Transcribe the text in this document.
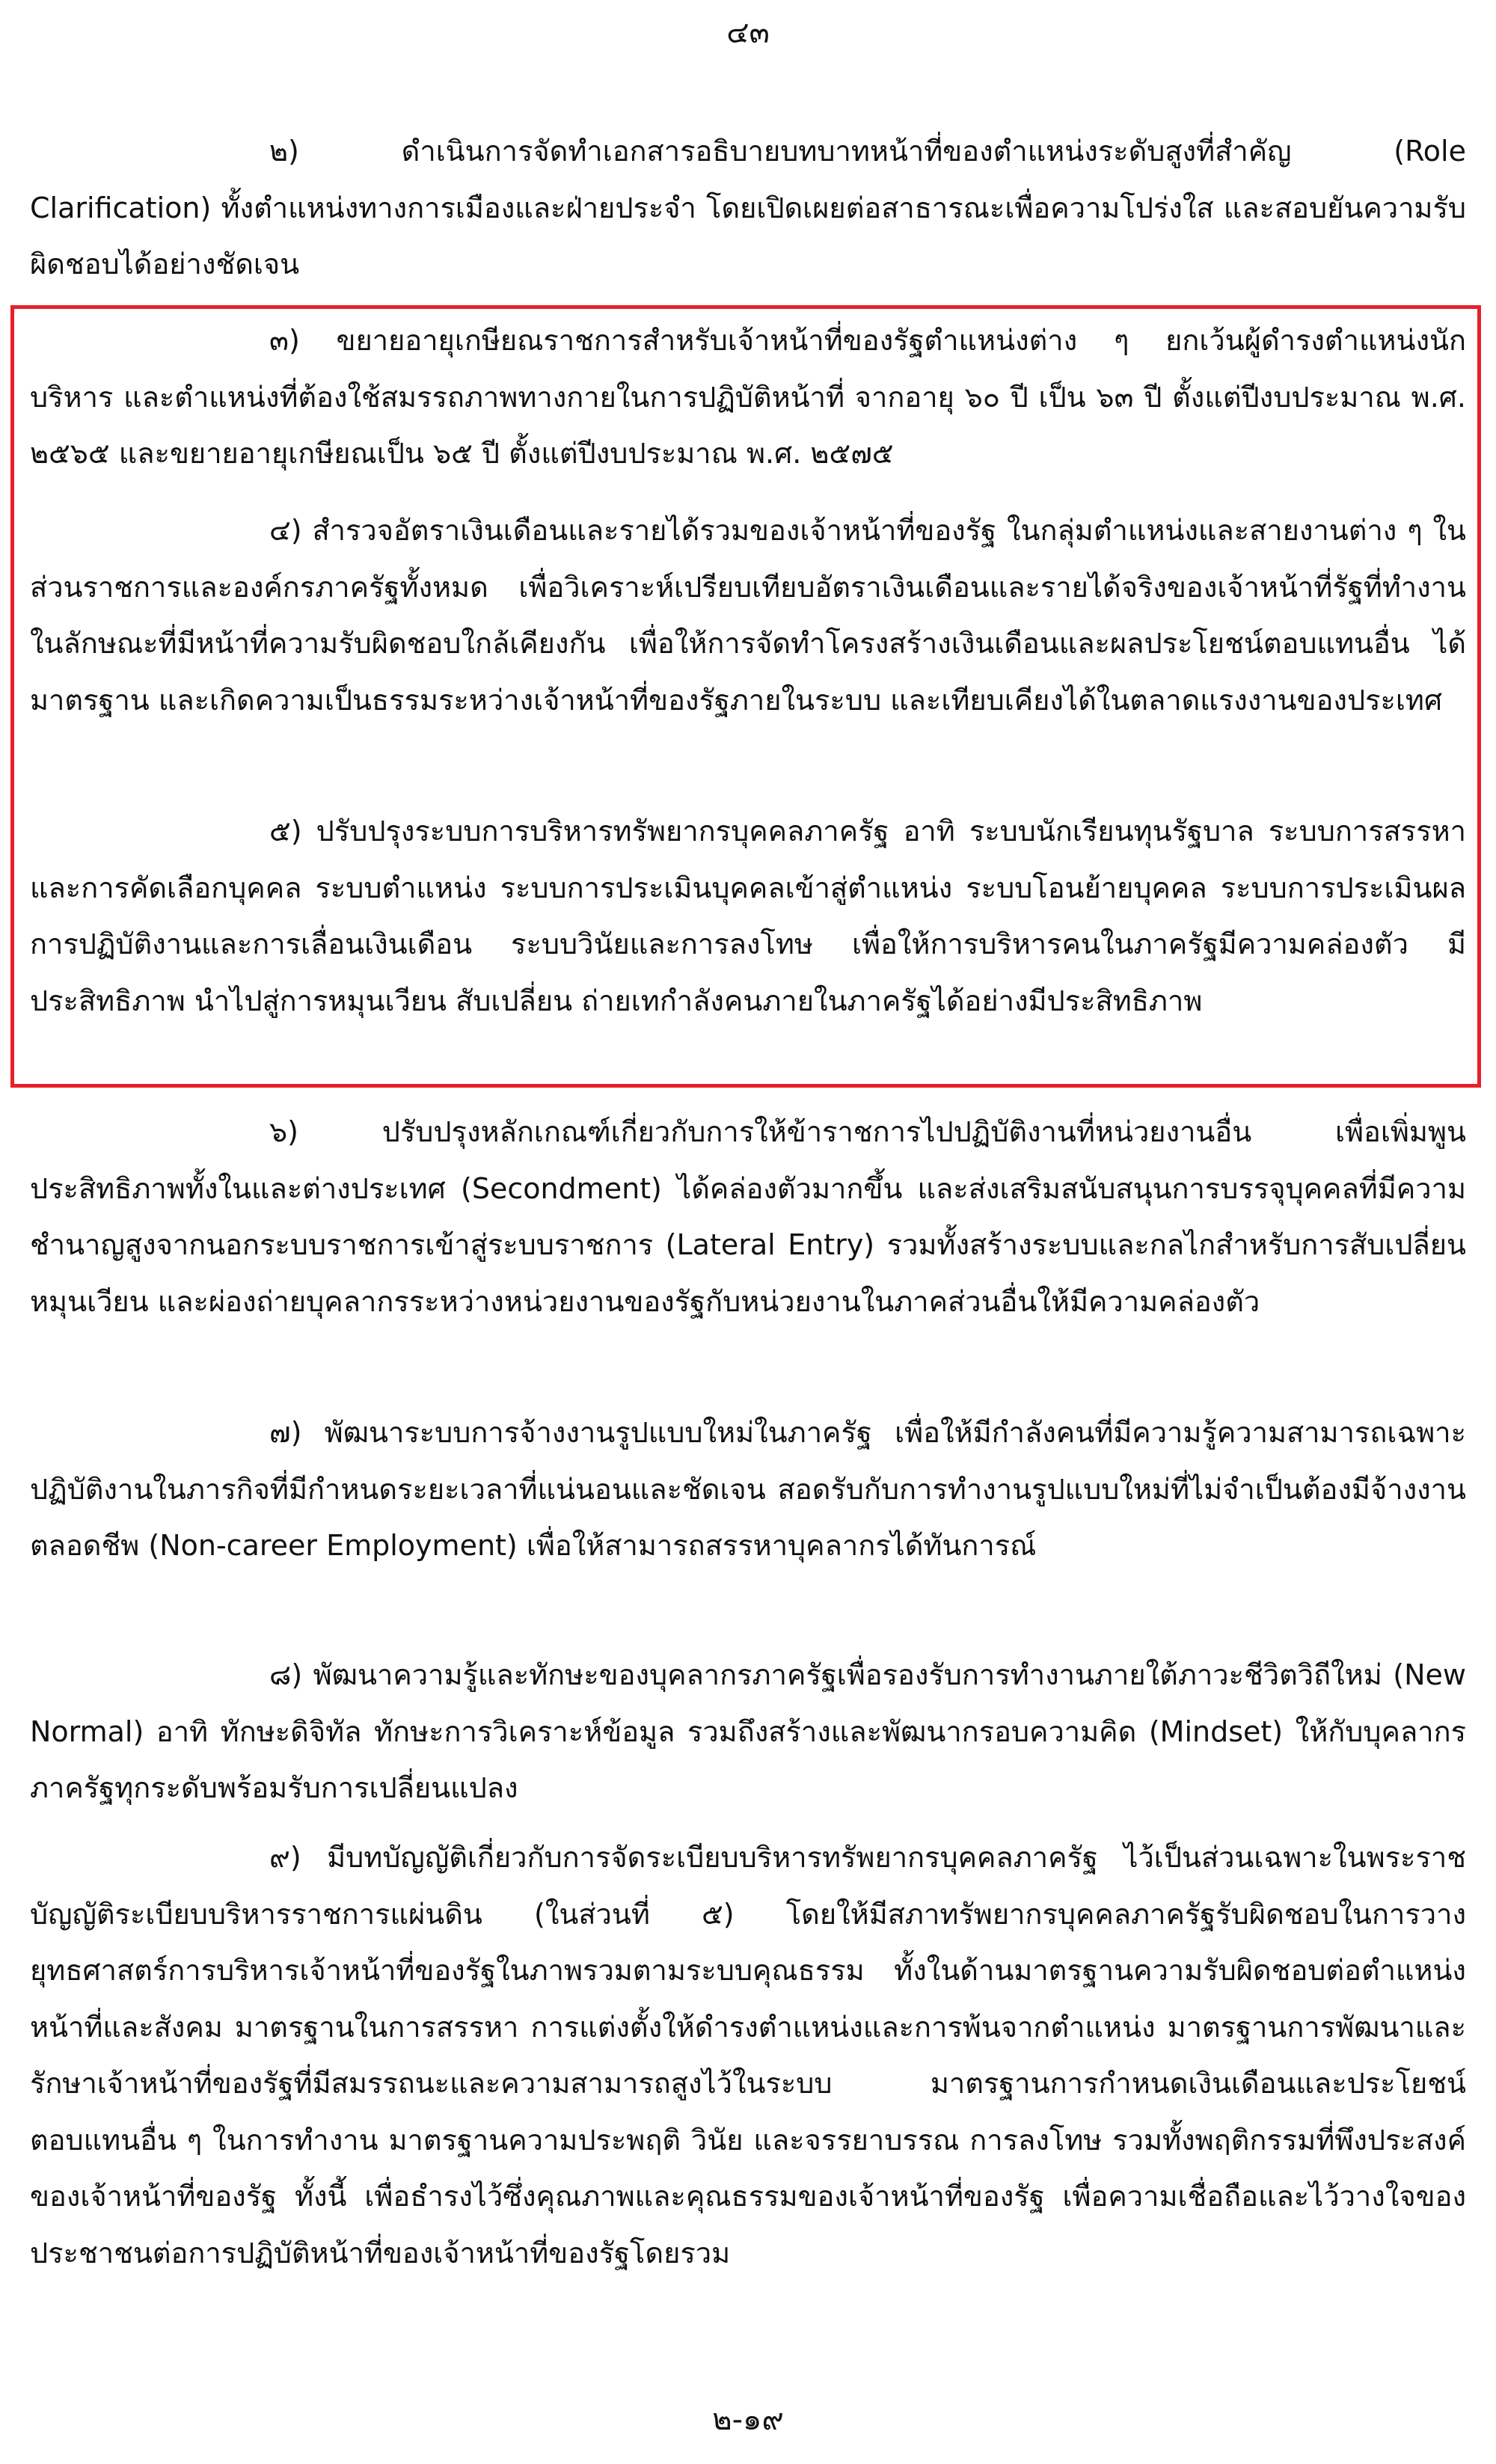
๔๓

๒) ดำเนินการจัดทำเอกสารอธิบายบทบาทหน้าที่ของตำแหน่งระดับสูงที่สำคัญ (Role Clarification) ทั้งตำแหน่งทางการเมืองและฝ่ายประจำ โดยเปิดเผยต่อสาธารณะเพื่อความโปร่งใส และสอบยันความรับผิดชอบได้อย่างชัดเจน

๓) ขยายอายุเกษียณราชการสำหรับเจ้าหน้าที่ของรัฐตำแหน่งต่าง ๆ ยกเว้นผู้ดำรงตำแหน่งนักบริหาร และตำแหน่งที่ต้องใช้สมรรถภาพทางกายในการปฏิบัติหน้าที่ จากอายุ ๖๐ ปี เป็น ๖๓ ปี ตั้งแต่ปีงบประมาณ พ.ศ. ๒๕๖๕ และขยายอายุเกษียณเป็น ๖๕ ปี ตั้งแต่ปีงบประมาณ พ.ศ. ๒๕๗๕

๔) สำรวจอัตราเงินเดือนและรายได้รวมของเจ้าหน้าที่ของรัฐ ในกลุ่มตำแหน่งและสายงานต่าง ๆ ในส่วนราชการและองค์กรภาครัฐทั้งหมด เพื่อวิเคราะห์เปรียบเทียบอัตราเงินเดือนและรายได้จริงของเจ้าหน้าที่รัฐที่ทำงานในลักษณะที่มีหน้าที่ความรับผิดชอบใกล้เคียงกัน เพื่อให้การจัดทำโครงสร้างเงินเดือนและผลประโยชน์ตอบแทนอื่น ได้มาตรฐาน และเกิดความเป็นธรรมระหว่างเจ้าหน้าที่ของรัฐภายในระบบ และเทียบเคียงได้ในตลาดแรงงานของประเทศ

๕) ปรับปรุงระบบการบริหารทรัพยากรบุคคลภาครัฐ อาทิ ระบบนักเรียนทุนรัฐบาล ระบบการสรรหาและการคัดเลือกบุคคล ระบบตำแหน่ง ระบบการประเมินบุคคลเข้าสู่ตำแหน่ง ระบบโอนย้ายบุคคล ระบบการประเมินผลการปฏิบัติงานและการเลื่อนเงินเดือน ระบบวินัยและการลงโทษ เพื่อให้การบริหารคนในภาครัฐมีความคล่องตัว มีประสิทธิภาพ นำไปสู่การหมุนเวียน สับเปลี่ยน ถ่ายเทกำลังคนภายในภาครัฐได้อย่างมีประสิทธิภาพ

๖) ปรับปรุงหลักเกณฑ์เกี่ยวกับการให้ข้าราชการไปปฏิบัติงานที่หน่วยงานอื่น เพื่อเพิ่มพูนประสิทธิภาพทั้งในและต่างประเทศ (Secondment) ได้คล่องตัวมากขึ้น และส่งเสริมสนับสนุนการบรรจุบุคคลที่มีความชำนาญสูงจากนอกระบบราชการเข้าสู่ระบบราชการ (Lateral Entry) รวมทั้งสร้างระบบและกลไกสำหรับการสับเปลี่ยนหมุนเวียน และผ่องถ่ายบุคลากรระหว่างหน่วยงานของรัฐกับหน่วยงานในภาคส่วนอื่นให้มีความคล่องตัว

๗) พัฒนาระบบการจ้างงานรูปแบบใหม่ในภาครัฐ เพื่อให้มีกำลังคนที่มีความรู้ความสามารถเฉพาะ ปฏิบัติงานในภารกิจที่มีกำหนดระยะเวลาที่แน่นอนและชัดเจน สอดรับกับการทำงานรูปแบบใหม่ที่ไม่จำเป็นต้องมีจ้างงานตลอดชีพ (Non-career Employment) เพื่อให้สามารถสรรหาบุคลากรได้ทันการณ์

๘) พัฒนาความรู้และทักษะของบุคลากรภาครัฐเพื่อรองรับการทำงานภายใต้ภาวะชีวิตวิถีใหม่ (New Normal) อาทิ ทักษะดิจิทัล ทักษะการวิเคราะห์ข้อมูล รวมถึงสร้างและพัฒนากรอบความคิด (Mindset) ให้กับบุคลากรภาครัฐทุกระดับพร้อมรับการเปลี่ยนแปลง

๙) มีบทบัญญัติเกี่ยวกับการจัดระเบียบบริหารทรัพยากรบุคคลภาครัฐ ไว้เป็นส่วนเฉพาะในพระราชบัญญัติระเบียบบริหารราชการแผ่นดิน (ในส่วนที่ ๕) โดยให้มีสภาทรัพยากรบุคคลภาครัฐรับผิดชอบในการวางยุทธศาสตร์การบริหารเจ้าหน้าที่ของรัฐในภาพรวมตามระบบคุณธรรม ทั้งในด้านมาตรฐานความรับผิดชอบต่อตำแหน่งหน้าที่และสังคม มาตรฐานในการสรรหา การแต่งตั้งให้ดำรงตำแหน่งและการพ้นจากตำแหน่ง มาตรฐานการพัฒนาและรักษาเจ้าหน้าที่ของรัฐที่มีสมรรถนะและความสามารถสูงไว้ในระบบ มาตรฐานการกำหนดเงินเดือนและประโยชน์ตอบแทนอื่น ๆ ในการทำงาน มาตรฐานความประพฤติ วินัย และจรรยาบรรณ การลงโทษ รวมทั้งพฤติกรรมที่พึงประสงค์ของเจ้าหน้าที่ของรัฐ ทั้งนี้ เพื่อธำรงไว้ซึ่งคุณภาพและคุณธรรมของเจ้าหน้าที่ของรัฐ เพื่อความเชื่อถือและไว้วางใจของประชาชนต่อการปฏิบัติหน้าที่ของเจ้าหน้าที่ของรัฐโดยรวม

๒-๑๙
